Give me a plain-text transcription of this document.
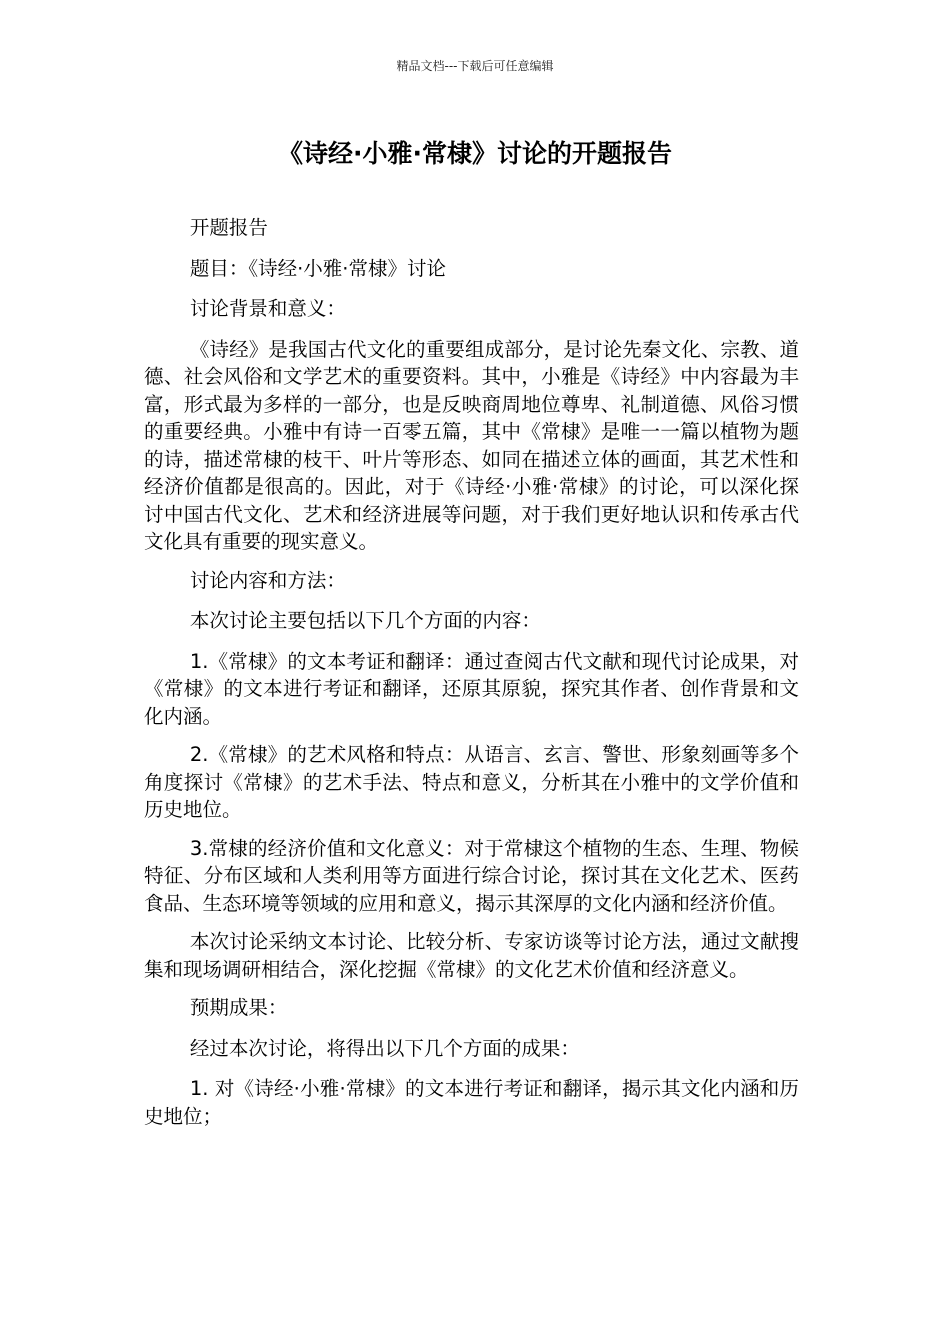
精品文档---下载后可任意编辑
《诗经·小雅·常棣》讨论的开题报告

开题报告

题目：《诗经·小雅·常棣》讨论

讨论背景和意义：

《诗经》是我国古代文化的重要组成部分，是讨论先秦文化、宗教、道德、社会风俗和文学艺术的重要资料。其中，小雅是《诗经》中内容最为丰富，形式最为多样的一部分，也是反映商周地位尊卑、礼制道德、风俗习惯的重要经典。小雅中有诗一百零五篇，其中《常棣》是唯一一篇以植物为题的诗，描述常棣的枝干、叶片等形态、如同在描述立体的画面，其艺术性和经济价值都是很高的。因此，对于《诗经·小雅·常棣》的讨论，可以深化探讨中国古代文化、艺术和经济进展等问题，对于我们更好地认识和传承古代文化具有重要的现实意义。

讨论内容和方法：

本次讨论主要包括以下几个方面的内容：

1.《常棣》的文本考证和翻译：通过查阅古代文献和现代讨论成果，对《常棣》的文本进行考证和翻译，还原其原貌，探究其作者、创作背景和文化内涵。

2.《常棣》的艺术风格和特点：从语言、玄言、警世、形象刻画等多个角度探讨《常棣》的艺术手法、特点和意义，分析其在小雅中的文学价值和历史地位。

3.常棣的经济价值和文化意义：对于常棣这个植物的生态、生理、物候特征、分布区域和人类利用等方面进行综合讨论，探讨其在文化艺术、医药食品、生态环境等领域的应用和意义，揭示其深厚的文化内涵和经济价值。

本次讨论采纳文本讨论、比较分析、专家访谈等讨论方法，通过文献搜集和现场调研相结合，深化挖掘《常棣》的文化艺术价值和经济意义。

预期成果：

经过本次讨论，将得出以下几个方面的成果：

1. 对《诗经·小雅·常棣》的文本进行考证和翻译，揭示其文化内涵和历史地位；
